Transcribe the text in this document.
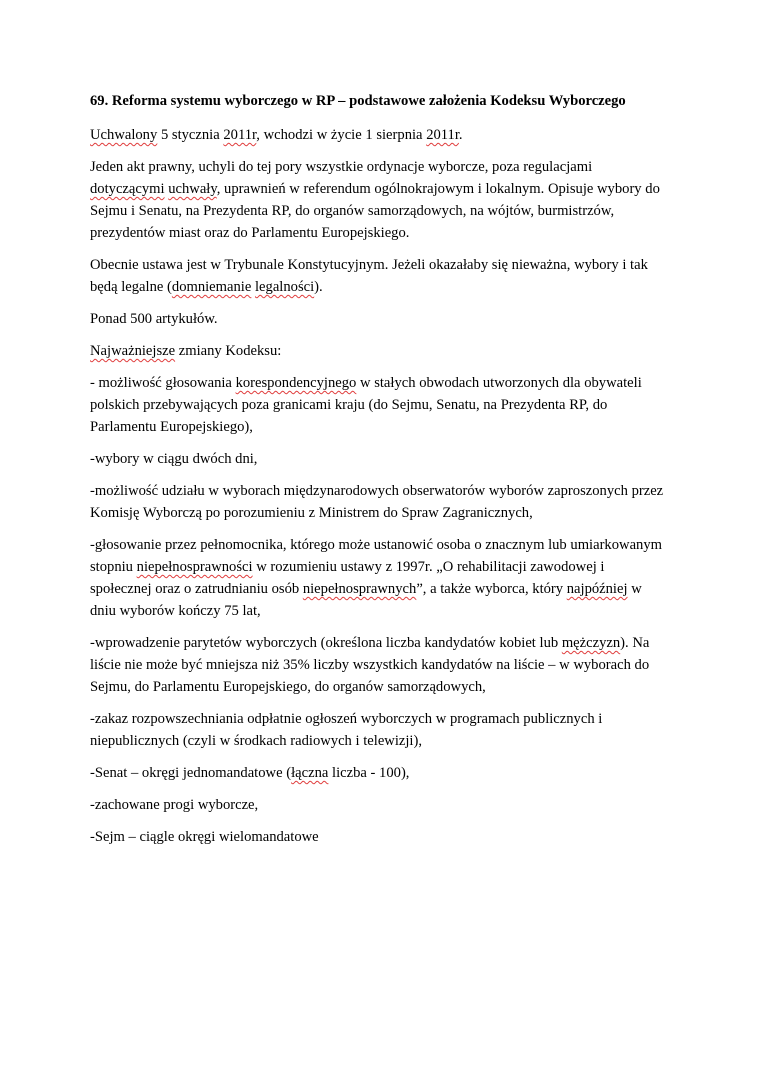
69. Reforma systemu wyborczego w RP – podstawowe założenia Kodeksu Wyborczego

Uchwalony 5 stycznia 2011r, wchodzi w życie 1 sierpnia 2011r.

Jeden akt prawny, uchyli do tej pory wszystkie ordynacje wyborcze, poza regulacjami dotyczącymi uchwały, uprawnień w referendum ogólnokrajowym i lokalnym. Opisuje wybory do Sejmu i Senatu, na Prezydenta RP, do organów samorządowych, na wójtów, burmistrzów, prezydentów miast oraz do Parlamentu Europejskiego.

Obecnie ustawa jest w Trybunale Konstytucyjnym. Jeżeli okazałaby się nieważna, wybory i tak będą legalne (domniemanie legalności).

Ponad 500 artykułów.

Najważniejsze zmiany Kodeksu:

- możliwość głosowania korespondencyjnego w stałych obwodach utworzonych dla obywateli polskich przebywających poza granicami kraju (do Sejmu, Senatu, na Prezydenta RP, do Parlamentu Europejskiego),

-wybory w ciągu dwóch dni,

-możliwość udziału w wyborach międzynarodowych obserwatorów wyborów zaproszonych przez Komisję Wyborczą po porozumieniu z Ministrem do Spraw Zagranicznych,

-głosowanie przez pełnomocnika, którego może ustanowić osoba o znacznym lub umiarkowanym stopniu niepełnosprawności w rozumieniu ustawy z 1997r. „O rehabilitacji zawodowej i społecznej oraz o zatrudnianiu osób niepełnosprawnych”, a także wyborca, który najpóźniej w dniu wyborów kończy 75 lat,

-wprowadzenie parytetów wyborczych (określona liczba kandydatów kobiet lub mężczyzn). Na liście nie może być mniejsza niż 35% liczby wszystkich kandydatów na liście – w wyborach do Sejmu, do Parlamentu Europejskiego, do organów samorządowych,

-zakaz rozpowszechniania odpłatnie ogłoszeń wyborczych w programach publicznych i niepublicznych (czyli w środkach radiowych i telewizji),

-Senat – okręgi jednomandatowe (łączna liczba - 100),

-zachowane progi wyborcze,

-Sejm – ciągle okręgi wielomandatowe
